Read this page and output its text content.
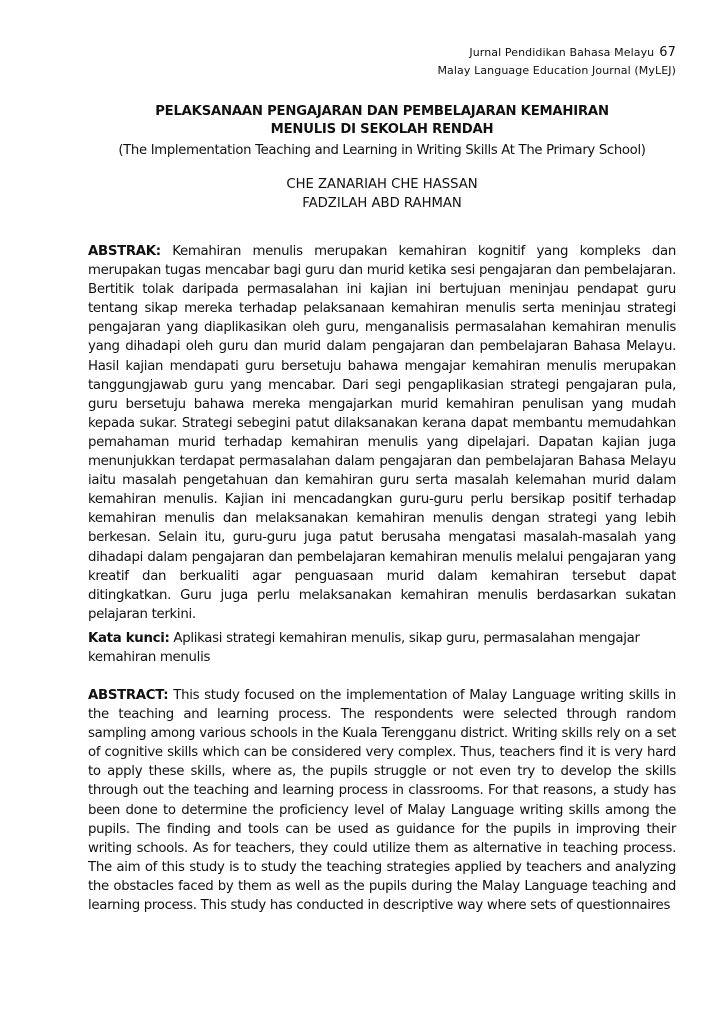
Jurnal Pendidikan Bahasa Melayu 67
Malay Language Education Journal (MyLEJ)
PELAKSANAAN PENGAJARAN DAN PEMBELAJARAN KEMAHIRAN
MENULIS DI SEKOLAH RENDAH
(The Implementation Teaching and Learning in Writing Skills At The Primary School)
CHE ZANARIAH CHE HASSAN
FADZILAH ABD RAHMAN
ABSTRAK: Kemahiran menulis merupakan kemahiran kognitif yang kompleks dan merupakan tugas mencabar bagi guru dan murid ketika sesi pengajaran dan pembelajaran. Bertitik tolak daripada permasalahan ini kajian ini bertujuan meninjau pendapat guru tentang sikap mereka terhadap pelaksanaan kemahiran menulis serta meninjau strategi pengajaran yang diaplikasikan oleh guru, menganalisis permasalahan kemahiran menulis yang dihadapi oleh guru dan murid dalam pengajaran dan pembelajaran Bahasa Melayu. Hasil kajian mendapati guru bersetuju bahawa mengajar kemahiran menulis merupakan tanggungjawab guru yang mencabar. Dari segi pengaplikasian strategi pengajaran pula, guru bersetuju bahawa mereka mengajarkan murid kemahiran penulisan yang mudah kepada sukar. Strategi sebegini patut dilaksanakan kerana dapat membantu memudahkan pemahaman murid terhadap kemahiran menulis yang dipelajari. Dapatan kajian juga menunjukkan terdapat permasalahan dalam pengajaran dan pembelajaran Bahasa Melayu iaitu masalah pengetahuan dan kemahiran guru serta masalah kelemahan murid dalam kemahiran menulis. Kajian ini mencadangkan guru-guru perlu bersikap positif terhadap kemahiran menulis dan melaksanakan kemahiran menulis dengan strategi yang lebih berkesan. Selain itu, guru-guru juga patut berusaha mengatasi masalah-masalah yang dihadapi dalam pengajaran dan pembelajaran kemahiran menulis melalui pengajaran yang kreatif dan berkualiti agar penguasaan murid dalam kemahiran tersebut dapat ditingkatkan. Guru juga perlu melaksanakan kemahiran menulis berdasarkan sukatan pelajaran terkini.
Kata kunci: Aplikasi strategi kemahiran menulis, sikap guru, permasalahan mengajar
kemahiran menulis
ABSTRACT: This study focused on the implementation of Malay Language writing skills in the teaching and learning process. The respondents were selected through random sampling among various schools in the Kuala Terengganu district. Writing skills rely on a set of cognitive skills which can be considered very complex. Thus, teachers find it is very hard to apply these skills, where as, the pupils struggle or not even try to develop the skills through out the teaching and learning process in classrooms. For that reasons, a study has been done to determine the proficiency level of Malay Language writing skills among the pupils. The finding and tools can be used as guidance for the pupils in improving their writing schools. As for teachers, they could utilize them as alternative in teaching process. The aim of this study is to study the teaching strategies applied by teachers and analyzing the obstacles faced by them as well as the pupils during the Malay Language teaching and learning process. This study has conducted in descriptive way where sets of questionnaires
